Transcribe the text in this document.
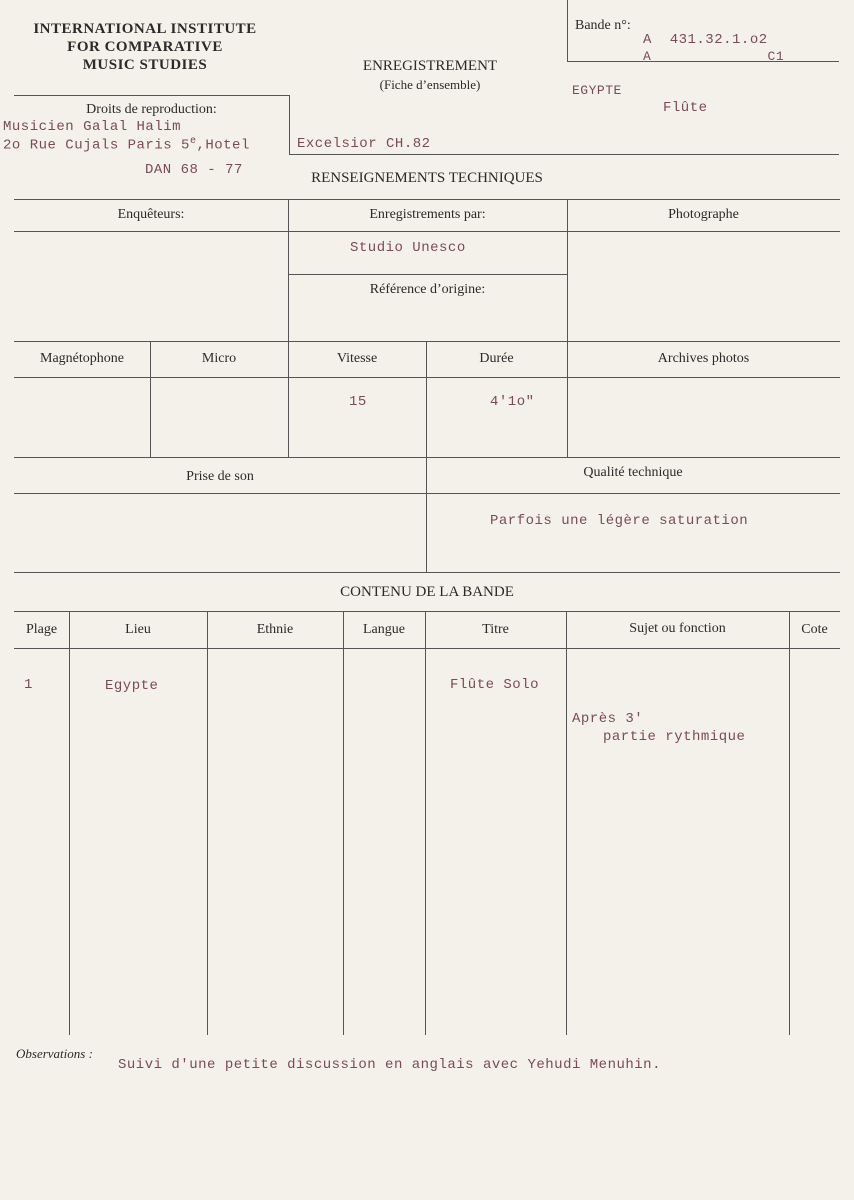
INTERNATIONAL INSTITUTE
FOR COMPARATIVE
MUSIC STUDIES	ENREGISTREMENT
(Fiche d’ensemble)
Bande n°:
A  431.32.1.o2
A              C1
EGYPTE
Flûte
Droits de reproduction:
Musicien Galal Halim
2o Rue Cujals Paris 5e,Hotel	Excelsior CH.82
DAN 68 - 77	RENSEIGNEMENTS TECHNIQUES
Enquêteurs:	Enregistrements par:	Photographe
Studio Unesco
Référence d’origine:
Magnétophone	Micro	Vitesse	Durée	Archives photos
15	4'1o"
Prise de son	Qualité technique
Parfois une légère saturation
CONTENU DE LA BANDE
Plage	Lieu	Ethnie	Langue	Titre	Sujet ou fonction	Cote
1	Egypte	Flûte Solo
Après 3'
partie rythmique
Observations :
Suivi d'une petite discussion en anglais avec Yehudi Menuhin.
